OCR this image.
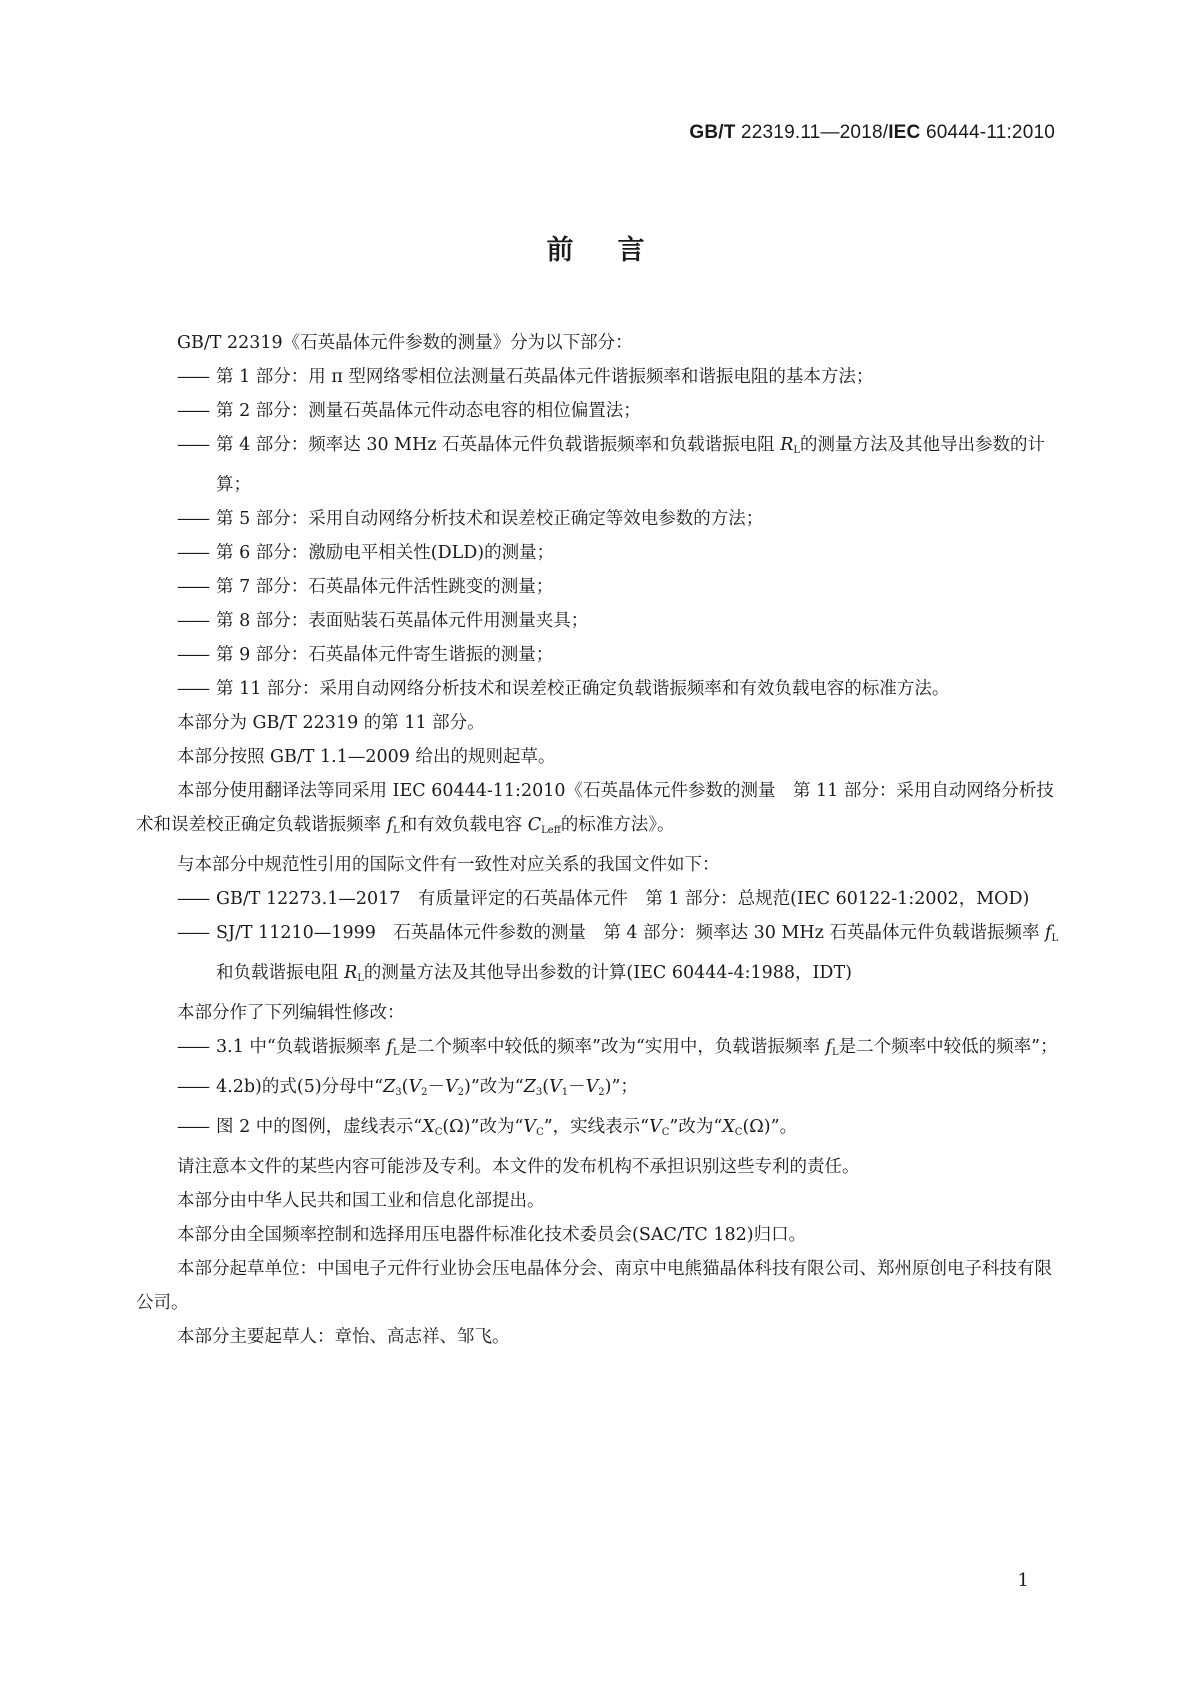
GB/T 22319.11—2018/IEC 60444-11:2010
前言

GB/T 22319《石英晶体元件参数的测量》分为以下部分：

—— 第 1 部分：用 π 型网络零相位法测量石英晶体元件谐振频率和谐振电阻的基本方法；

—— 第 2 部分：测量石英晶体元件动态电容的相位偏置法；

—— 第 4 部分：频率达 30 MHz 石英晶体元件负载谐振频率和负载谐振电阻 $R_L$的测量方法及其他导出参数的计算；

—— 第 5 部分：采用自动网络分析技术和误差校正确定等效电参数的方法；

—— 第 6 部分：激励电平相关性(DLD)的测量；

—— 第 7 部分：石英晶体元件活性跳变的测量；

—— 第 8 部分：表面贴装石英晶体元件用测量夹具；

—— 第 9 部分：石英晶体元件寄生谐振的测量；

—— 第 11 部分：采用自动网络分析技术和误差校正确定负载谐振频率和有效负载电容的标准方法。

本部分为 GB/T 22319 的第 11 部分。

本部分按照 GB/T 1.1—2009 给出的规则起草。

本部分使用翻译法等同采用 IEC 60444-11:2010《石英晶体元件参数的测量　第 11 部分：采用自动网络分析技术和误差校正确定负载谐振频率 $f_L$和有效负载电容 $C_{Leff}$的标准方法》。

与本部分中规范性引用的国际文件有一致性对应关系的我国文件如下：

—— GB/T 12273.1—2017　有质量评定的石英晶体元件　第 1 部分：总规范(IEC 60122-1:2002，MOD)

—— SJ/T 11210—1999　石英晶体元件参数的测量　第 4 部分：频率达 30 MHz 石英晶体元件负载谐振频率 $f_L$和负载谐振电阻 $R_L$的测量方法及其他导出参数的计算(IEC 60444-4:1988，IDT)

本部分作了下列编辑性修改：

—— 3.1 中“负载谐振频率 $f_L$是二个频率中较低的频率”改为“实用中，负载谐振频率 $f_L$是二个频率中较低的频率”；

—— 4.2b)的式(5)分母中“$Z_3(V_2-V_2)$”改为“$Z_3(V_1-V_2)$”；

—— 图 2 中的图例，虚线表示“$X_C(\Omega)$”改为“$V_C$”，实线表示“$V_C$”改为“$X_C(\Omega)$”。

请注意本文件的某些内容可能涉及专利。本文件的发布机构不承担识别这些专利的责任。

本部分由中华人民共和国工业和信息化部提出。

本部分由全国频率控制和选择用压电器件标准化技术委员会(SAC/TC 182)归口。

本部分起草单位：中国电子元件行业协会压电晶体分会、南京中电熊猫晶体科技有限公司、郑州原创电子科技有限公司。

本部分主要起草人：章怡、高志祥、邹飞。

1
